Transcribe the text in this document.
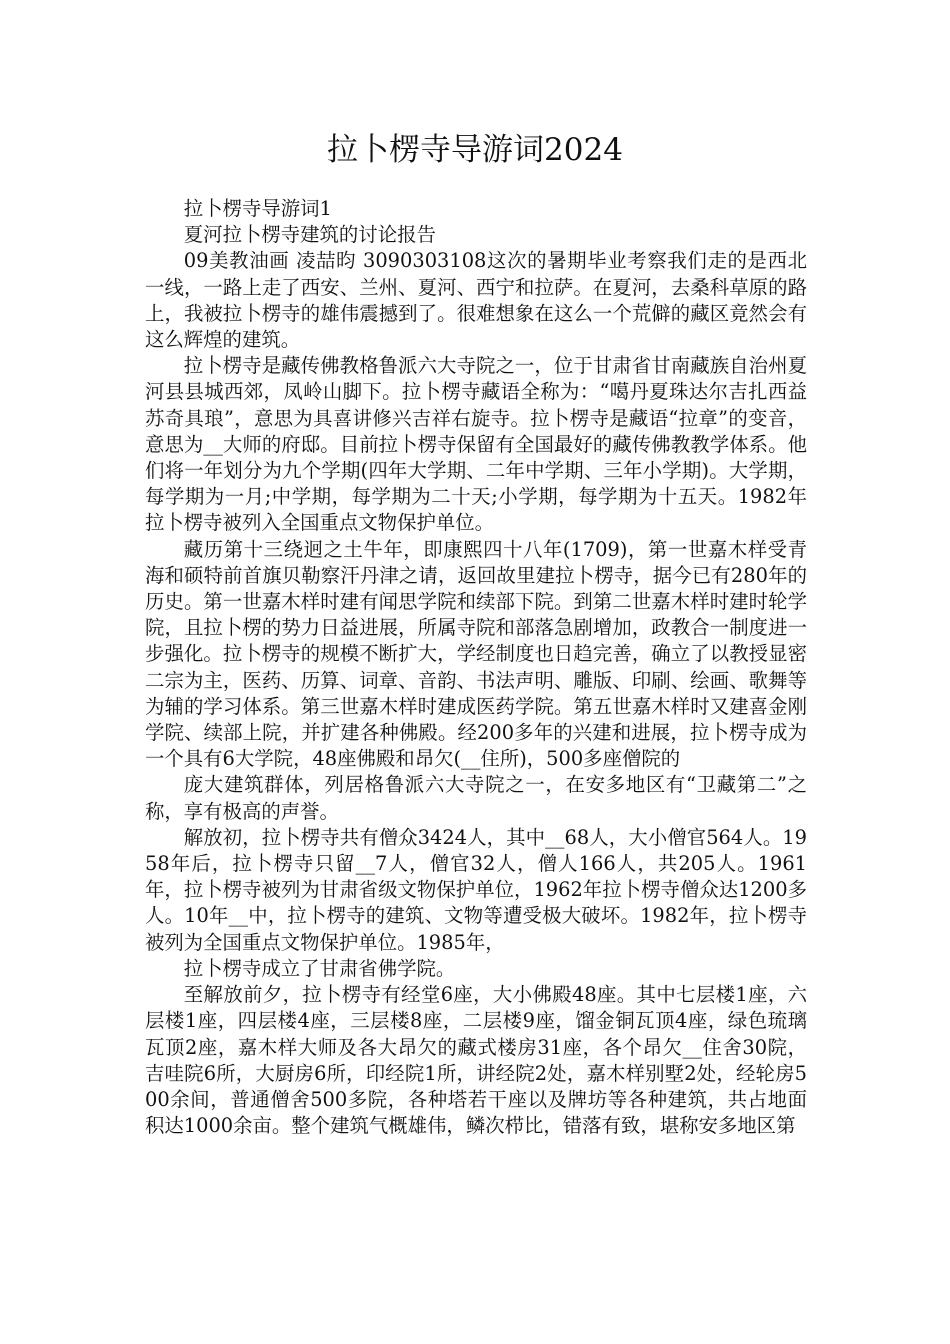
拉卜楞寺导游词2024

拉卜楞寺导游词1

夏河拉卜楞寺建筑的讨论报告

09美教油画 凌喆昀 3090303108这次的暑期毕业考察我们走的是西北一线，一路上走了西安、兰州、夏河、西宁和拉萨。在夏河，去桑科草原的路上，我被拉卜楞寺的雄伟震撼到了。很难想象在这么一个荒僻的藏区竟然会有这么辉煌的建筑。

拉卜楞寺是藏传佛教格鲁派六大寺院之一，位于甘肃省甘南藏族自治州夏河县县城西郊，凤岭山脚下。拉卜楞寺藏语全称为：“噶丹夏珠达尔吉扎西益苏奇具琅”，意思为具喜讲修兴吉祥右旋寺。拉卜楞寺是藏语“拉章”的变音，意思为__大师的府邸。目前拉卜楞寺保留有全国最好的藏传佛教教学体系。他们将一年划分为九个学期(四年大学期、二年中学期、三年小学期)。大学期，每学期为一月;中学期，每学期为二十天;小学期，每学期为十五天。1982年拉卜楞寺被列入全国重点文物保护单位。

藏历第十三绕迥之土牛年，即康熙四十八年(1709)，第一世嘉木样受青海和硕特前首旗贝勒察汗丹津之请，返回故里建拉卜楞寺，据今已有280年的历史。第一世嘉木样时建有闻思学院和续部下院。到第二世嘉木样时建时轮学院，且拉卜楞的势力日益进展，所属寺院和部落急剧增加，政教合一制度进一步强化。拉卜楞寺的规模不断扩大，学经制度也日趋完善，确立了以教授显密二宗为主，医药、历算、词章、音韵、书法声明、雕版、印刷、绘画、歌舞等为辅的学习体系。第三世嘉木样时建成医药学院。第五世嘉木样时又建喜金刚学院、续部上院，并扩建各种佛殿。经200多年的兴建和进展，拉卜楞寺成为一个具有6大学院，48座佛殿和昂欠(__住所)，500多座僧院的

庞大建筑群体，列居格鲁派六大寺院之一，在安多地区有“卫藏第二”之称，享有极高的声誉。

解放初，拉卜楞寺共有僧众3424人，其中__68人，大小僧官564人。1958年后，拉卜楞寺只留__7人，僧官32人，僧人166人，共205人。1961年，拉卜楞寺被列为甘肃省级文物保护单位，1962年拉卜楞寺僧众达1200多人。10年__中，拉卜楞寺的建筑、文物等遭受极大破坏。1982年，拉卜楞寺被列为全国重点文物保护单位。1985年，

拉卜楞寺成立了甘肃省佛学院。

至解放前夕，拉卜楞寺有经堂6座，大小佛殿48座。其中七层楼1座，六层楼1座，四层楼4座，三层楼8座，二层楼9座，馏金铜瓦顶4座，绿色琉璃瓦顶2座，嘉木样大师及各大昂欠的藏式楼房31座，各个昂欠__住舍30院，吉哇院6所，大厨房6所，印经院1所，讲经院2处，嘉木样别墅2处，经轮房500余间，普通僧舍500多院，各种塔若干座以及牌坊等各种建筑，共占地面积达1000余亩。整个建筑气概雄伟，鳞次栉比，错落有致，堪称安多地区第
